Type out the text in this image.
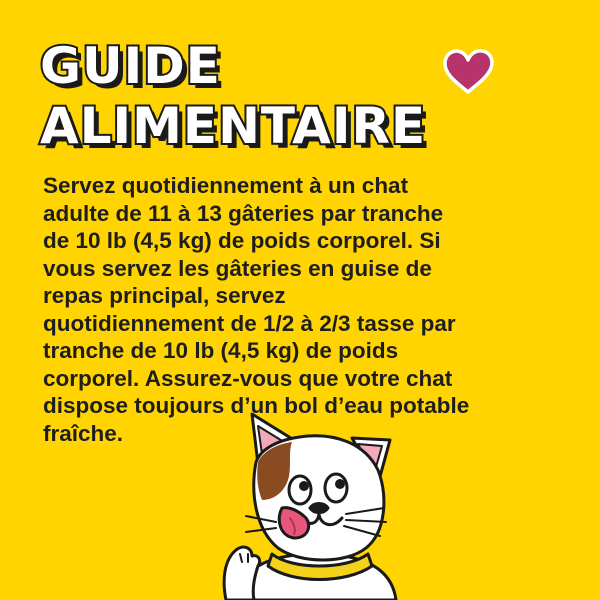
GUIDE
ALIMENTAIRE

Servez quotidiennement à un chat
adulte de 11 à 13 gâteries par tranche
de 10 lb (4,5 kg) de poids corporel. Si
vous servez les gâteries en guise de
repas principal, servez
quotidiennement de 1/2 à 2/3 tasse par
tranche de 10 lb (4,5 kg) de poids
corporel. Assurez-vous que votre chat
dispose toujours d’un bol d’eau potable
fraîche.
